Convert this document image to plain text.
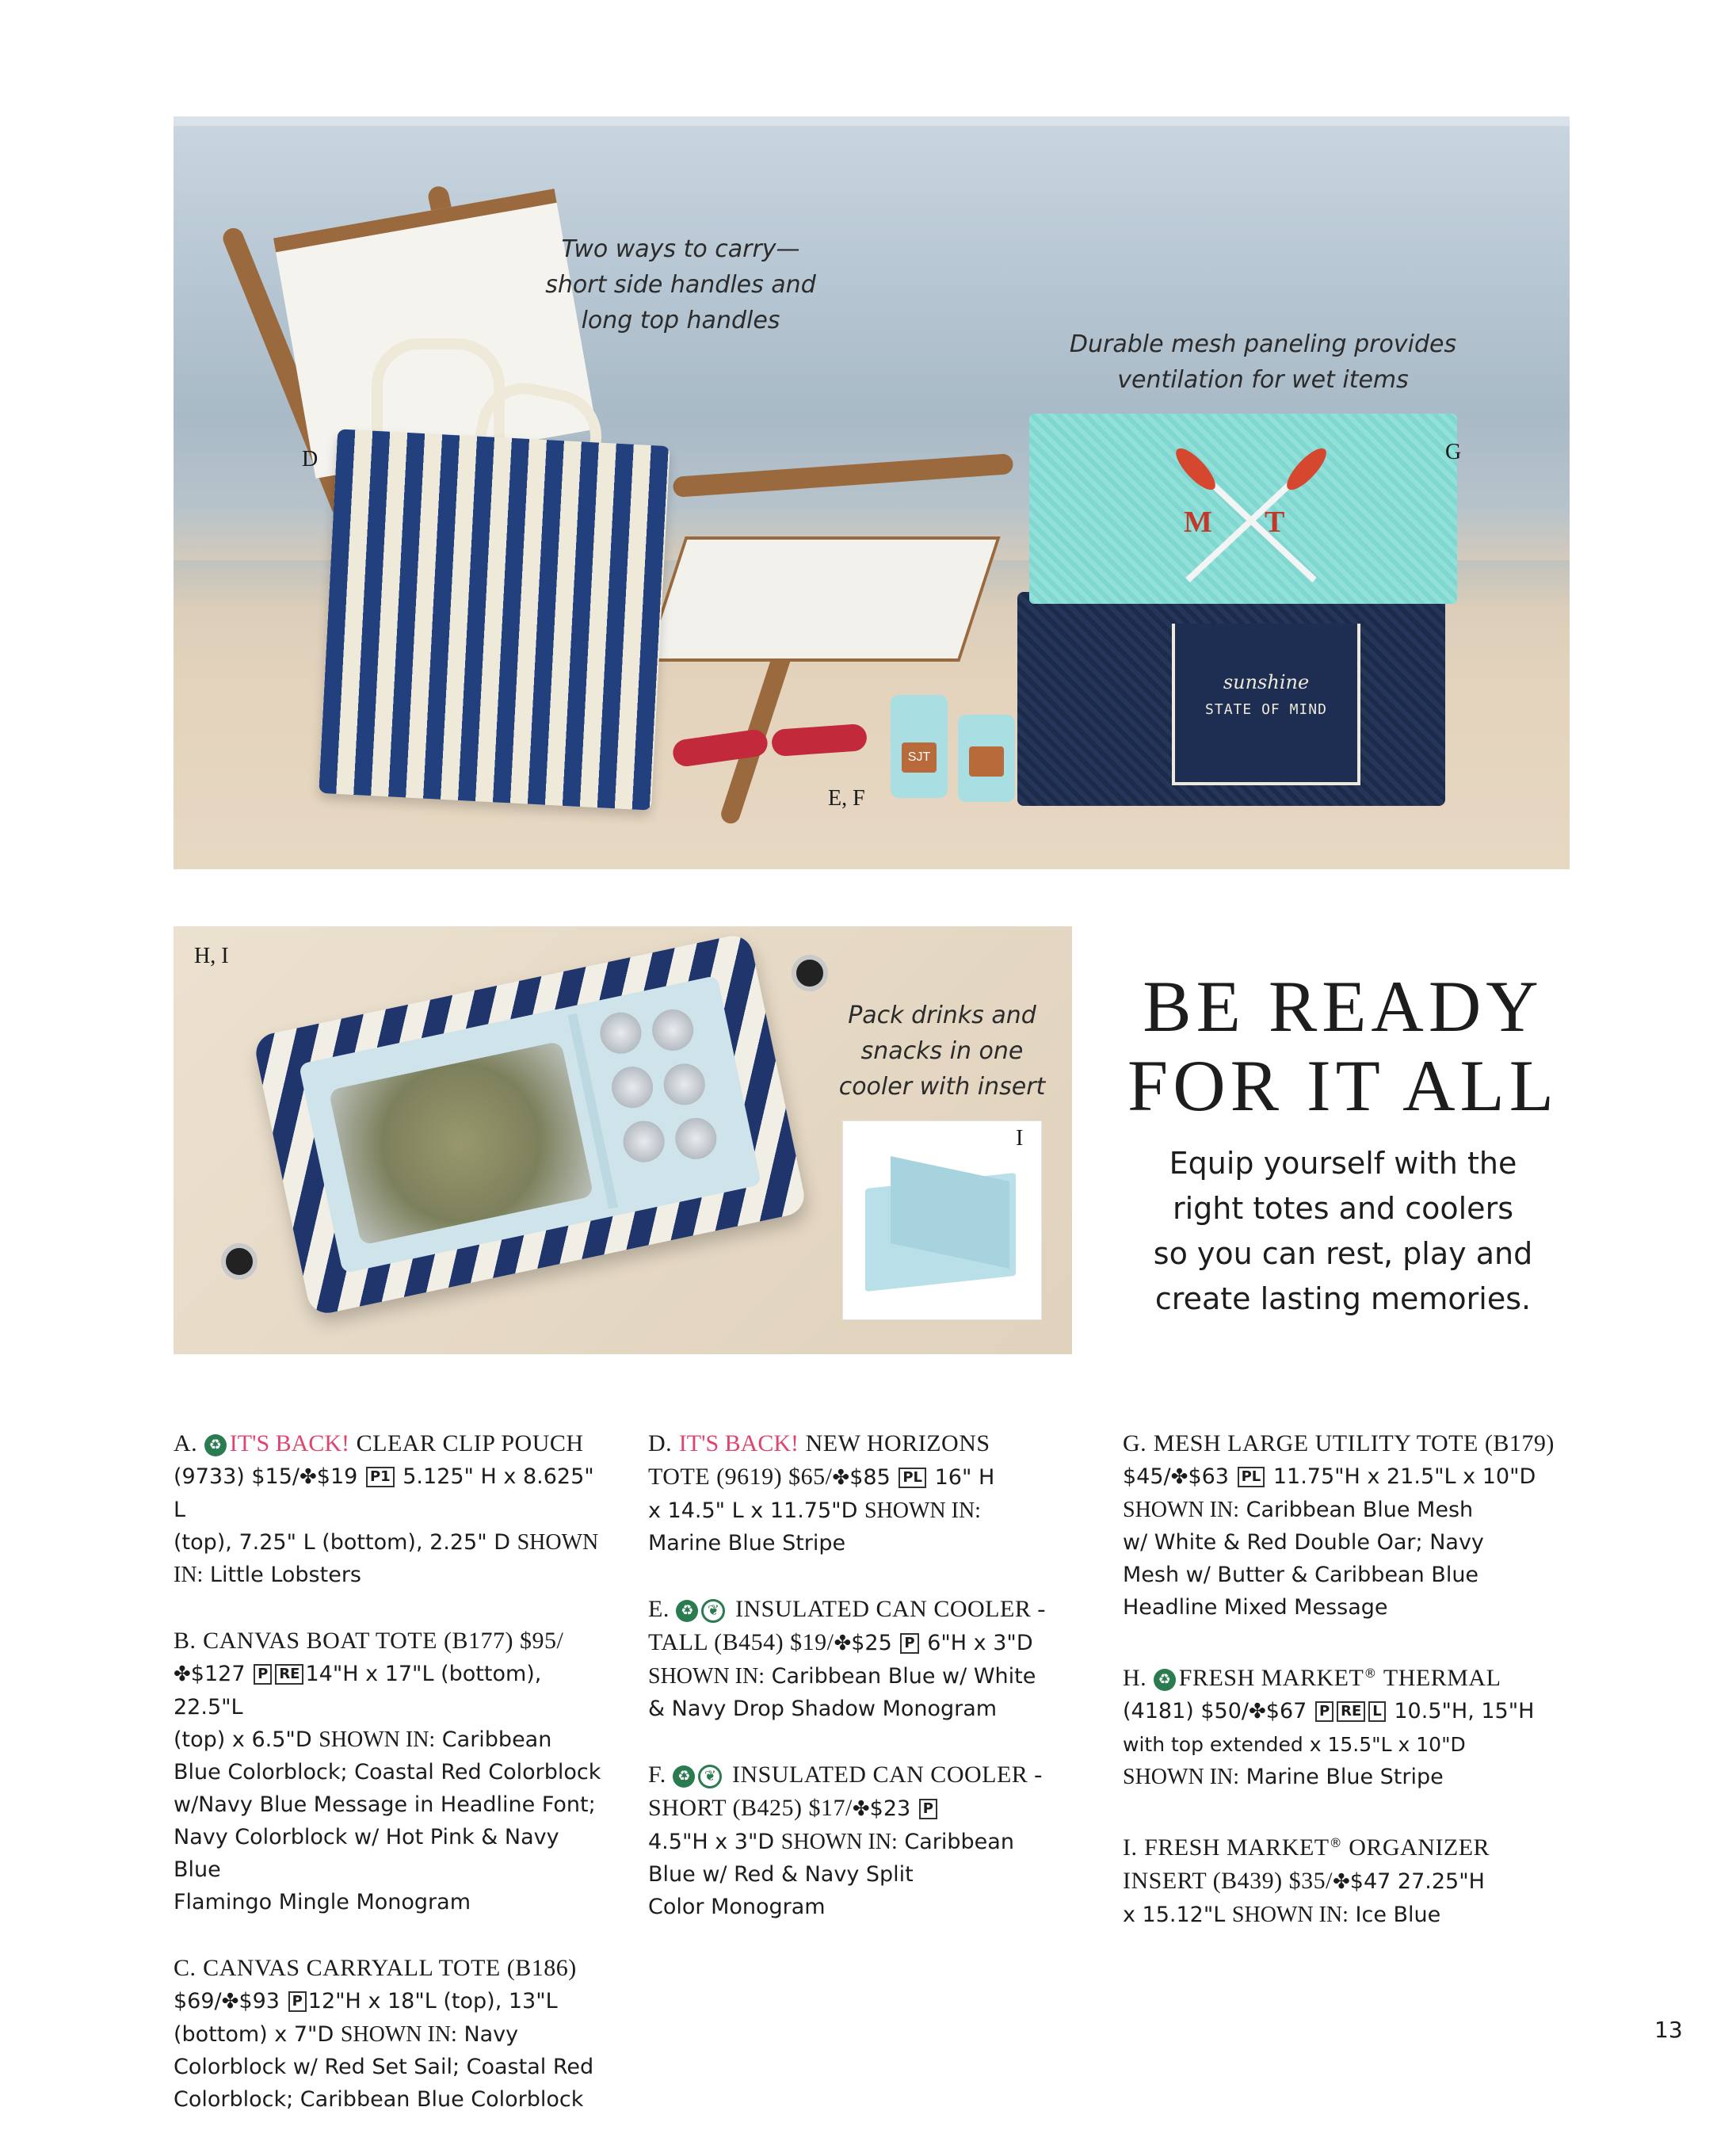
SJT
sunshine
STATE OF MIND
M T
Two ways to carry—
short side handles and
long top handles
Durable mesh paneling provides
ventilation for wet items
D	G
E, F
Pack drinks and
snacks in one
cooler with insert
I
H, I
BE READY
FOR IT ALL
Equip yourself with the
right totes and coolers
so you can rest, play and
create lasting memories.

A. ♻ IT'S BACK! CLEAR CLIP POUCH
(9733) $15/✤$19 P1 5.125" H x 8.625" L
(top), 7.25" L (bottom), 2.25" D SHOWN
IN: Little Lobsters

B. CANVAS BOAT TOTE (B177) $95/
✤$127 P RE 14"H x 17"L (bottom), 22.5"L
(top) x 6.5"D SHOWN IN: Caribbean
Blue Colorblock; Coastal Red Colorblock
w/Navy Blue Message in Headline Font;
Navy Colorblock w/ Hot Pink & Navy Blue
Flamingo Mingle Monogram

C. CANVAS CARRYALL TOTE (B186)
$69/✤$93 P 12"H x 18"L (top), 13"L
(bottom) x 7"D SHOWN IN: Navy
Colorblock w/ Red Set Sail; Coastal Red
Colorblock; Caribbean Blue Colorblock

D. IT'S BACK! NEW HORIZONS
TOTE (9619) $65/✤$85 PL 16" H
x 14.5" L x 11.75"D SHOWN IN:
Marine Blue Stripe

E. ♻ ❦ INSULATED CAN COOLER -
TALL (B454) $19/✤$25 P 6"H x 3"D
SHOWN IN: Caribbean Blue w/ White
& Navy Drop Shadow Monogram

F. ♻ ❦ INSULATED CAN COOLER -
SHORT (B425) $17/✤$23 P
4.5"H x 3"D SHOWN IN: Caribbean
Blue w/ Red & Navy Split
Color Monogram

G. MESH LARGE UTILITY TOTE (B179)
$45/✤$63 PL 11.75"H x 21.5"L x 10"D
SHOWN IN: Caribbean Blue Mesh
w/ White & Red Double Oar; Navy
Mesh w/ Butter & Caribbean Blue
Headline Mixed Message

H. ♻ FRESH MARKET® THERMAL
(4181) $50/✤$67 P RE L 10.5"H, 15"H
with top extended x 15.5"L x 10"D
SHOWN IN: Marine Blue Stripe

I. FRESH MARKET® ORGANIZER
INSERT (B439) $35/✤$47 27.25"H
x 15.12"L SHOWN IN: Ice Blue

13
